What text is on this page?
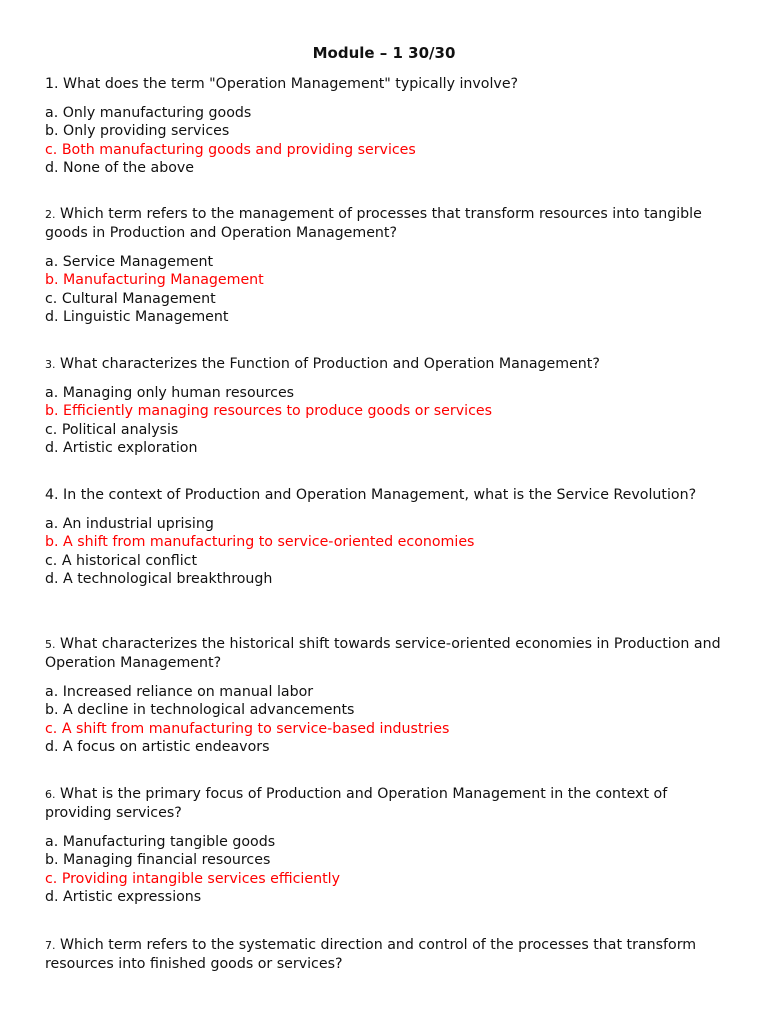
Module – 1 30/30

1. What does the term "Operation Management" typically involve?

a. Only manufacturing goods
b. Only providing services
c. Both manufacturing goods and providing services
d. None of the above

2. Which term refers to the management of processes that transform resources into tangible goods in Production and Operation Management?

a. Service Management
b. Manufacturing Management
c. Cultural Management
d. Linguistic Management

3. What characterizes the Function of Production and Operation Management?

a. Managing only human resources
b. Efficiently managing resources to produce goods or services
c. Political analysis
d. Artistic exploration

4. In the context of Production and Operation Management, what is the Service Revolution?

a. An industrial uprising
b. A shift from manufacturing to service-oriented economies
c. A historical conflict
d. A technological breakthrough

5. What characterizes the historical shift towards service-oriented economies in Production and Operation Management?

a. Increased reliance on manual labor
b. A decline in technological advancements
c. A shift from manufacturing to service-based industries
d. A focus on artistic endeavors

6. What is the primary focus of Production and Operation Management in the context of providing services?

a. Manufacturing tangible goods
b. Managing financial resources
c. Providing intangible services efficiently
d. Artistic expressions

7. Which term refers to the systematic direction and control of the processes that transform resources into finished goods or services?
